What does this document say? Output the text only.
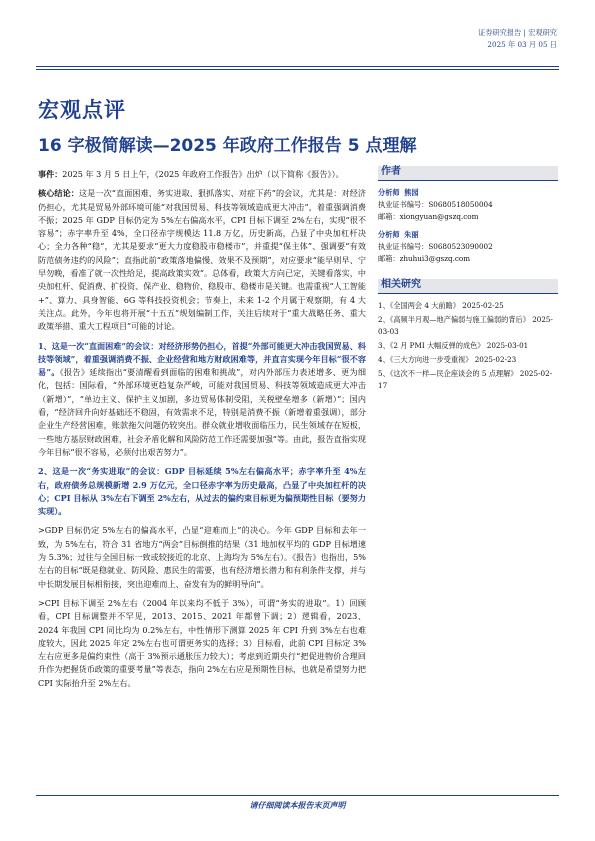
证券研究报告 | 宏观研究
2025 年 03 月 05 日
宏观点评
16 字极简解读—2025 年政府工作报告 5 点理解

事件：2025 年 3 月 5 日上午，《2025 年政府工作报告》出炉（以下简称《报告》）。

核心结论：这是一次“直面困难、务实进取、狠抓落实、对症下药”的会议，尤其是：对经济仍担心，尤其是贸易外部环境可能“对我国贸易、科技等领域造成更大冲击”，着重强调消费不振；2025 年 GDP 目标仍定为 5%左右偏高水平，CPI 目标下调至 2%左右，实现“很不容易”；赤字率升至 4%，全口径赤字规模达 11.8 万亿，历史新高，凸显了中央加杠杆决心；全力各种“稳”，尤其是要求“更大力度稳股市稳楼市”，并重提“保主体”、强调要“有效防范债务违约的风险”；直指此前“政策落地偏慢、效果不及预期”，对应要求“能早则早、宁早勿晚，看准了就一次性给足，提高政策实效”。总体看，政策大方向已定，关键看落实，中央加杠杆、促消费、扩投资、保产业、稳物价、稳股市、稳楼市是关键。也需重视“人工智能+”、算力、具身智能、6G 等科技投资机会；节奏上，未来 1-2 个月属于观察期，有 4 大关注点。此外，今年也将开展“十五五”规划编制工作，关注后续对于“重大战略任务、重大政策举措、重大工程项目”可能的讨论。

1、这是一次“直面困难”的会议：对经济形势仍担心，首提“外部可能更大冲击我国贸易、科技等领域”，着重强调消费不振、企业经营和地方财政困难等，并直言实现今年目标“很不容易”。《报告》延续指出“要清醒看到面临的困难和挑战”，对内外部压力表述增多、更为细化，包括：国际看，“外部环境更趋复杂严峻，可能对我国贸易、科技等领域造成更大冲击（新增）”，“单边主义、保护主义加剧，多边贸易体制受阻，关税壁垒增多（新增）”；国内看，“经济回升向好基础还不稳固，有效需求不足，特别是消费不振（新增着重强调），部分企业生产经营困难，账款拖欠问题仍较突出。群众就业增收面临压力，民生领域存在短板，一些地方基层财政困难，社会矛盾化解和风险防范工作还需要加强”等。由此，报告直指实现今年目标“很不容易，必须付出艰苦努力”。

2、这是一次“务实进取”的会议：GDP 目标延续 5%左右偏高水平；赤字率升至 4%左右，政府债务总规模新增 2.9 万亿元，全口径赤字率为历史最高，凸显了中央加杠杆的决心；CPI 目标从 3%左右下调至 2%左右，从过去的偏约束目标更为偏预期性目标（要努力实现）。

>GDP 目标仍定 5%左右的偏高水平，凸显“迎难而上”的决心。今年 GDP 目标和去年一致，为 5%左右，符合 31 省地方“两会”目标倒推的结果（31 地加权平均的 GDP 目标增速为 5.3%；过往与全国目标一致或较接近的北京、上海均为 5%左右）。《报告》也指出，5%左右的目标“既是稳就业、防风险、惠民生的需要，也有经济增长潜力和有利条件支撑，并与中长期发展目标相衔接，突出迎难而上、奋发有为的鲜明导向”。

>CPI 目标下调至 2%左右（2004 年以来均不低于 3%），可谓“务实的进取”。1）回顾看，CPI 目标调整并不罕见，2013、2015、2021 年都曾下调；2）逻辑看，2023、2024 年我国 CPI 同比均为 0.2%左右，中性情形下测算 2025 年 CPI 升到 3%左右也难度较大，因此 2025 年定 2%左右也可谓更务实的选择；3）目标看，此前 CPI 目标定 3%左右应更多是偏约束性（高于 3%预示通胀压力较大）；考虑到近期央行“把促进物价合理回升作为把握货币政策的重要考量”等表态，指向 2%左右应是预期性目标，也就是希望努力把 CPI 实际抬升至 2%左右。

作者
分析师 熊园
执业证书编号：S0680518050004
邮箱：xiongyuan@gszq.com
分析师 朱丽
执业证书编号：S0680523090002
邮箱：zhuhui3@gszq.com
相关研究
1、《全国两会 4 大前瞻》 2025-02-25
2、《高频半月观—地产偏弱与施工偏弱的背后》 2025-03-03
3、《2 月 PMI 大幅反弹的成色》 2025-03-01
4、《三大方向进一步受重视》 2025-02-23
5、《这次不一样—民企座谈会的 5 点理解》 2025-02-17
请仔细阅读本报告末页声明
